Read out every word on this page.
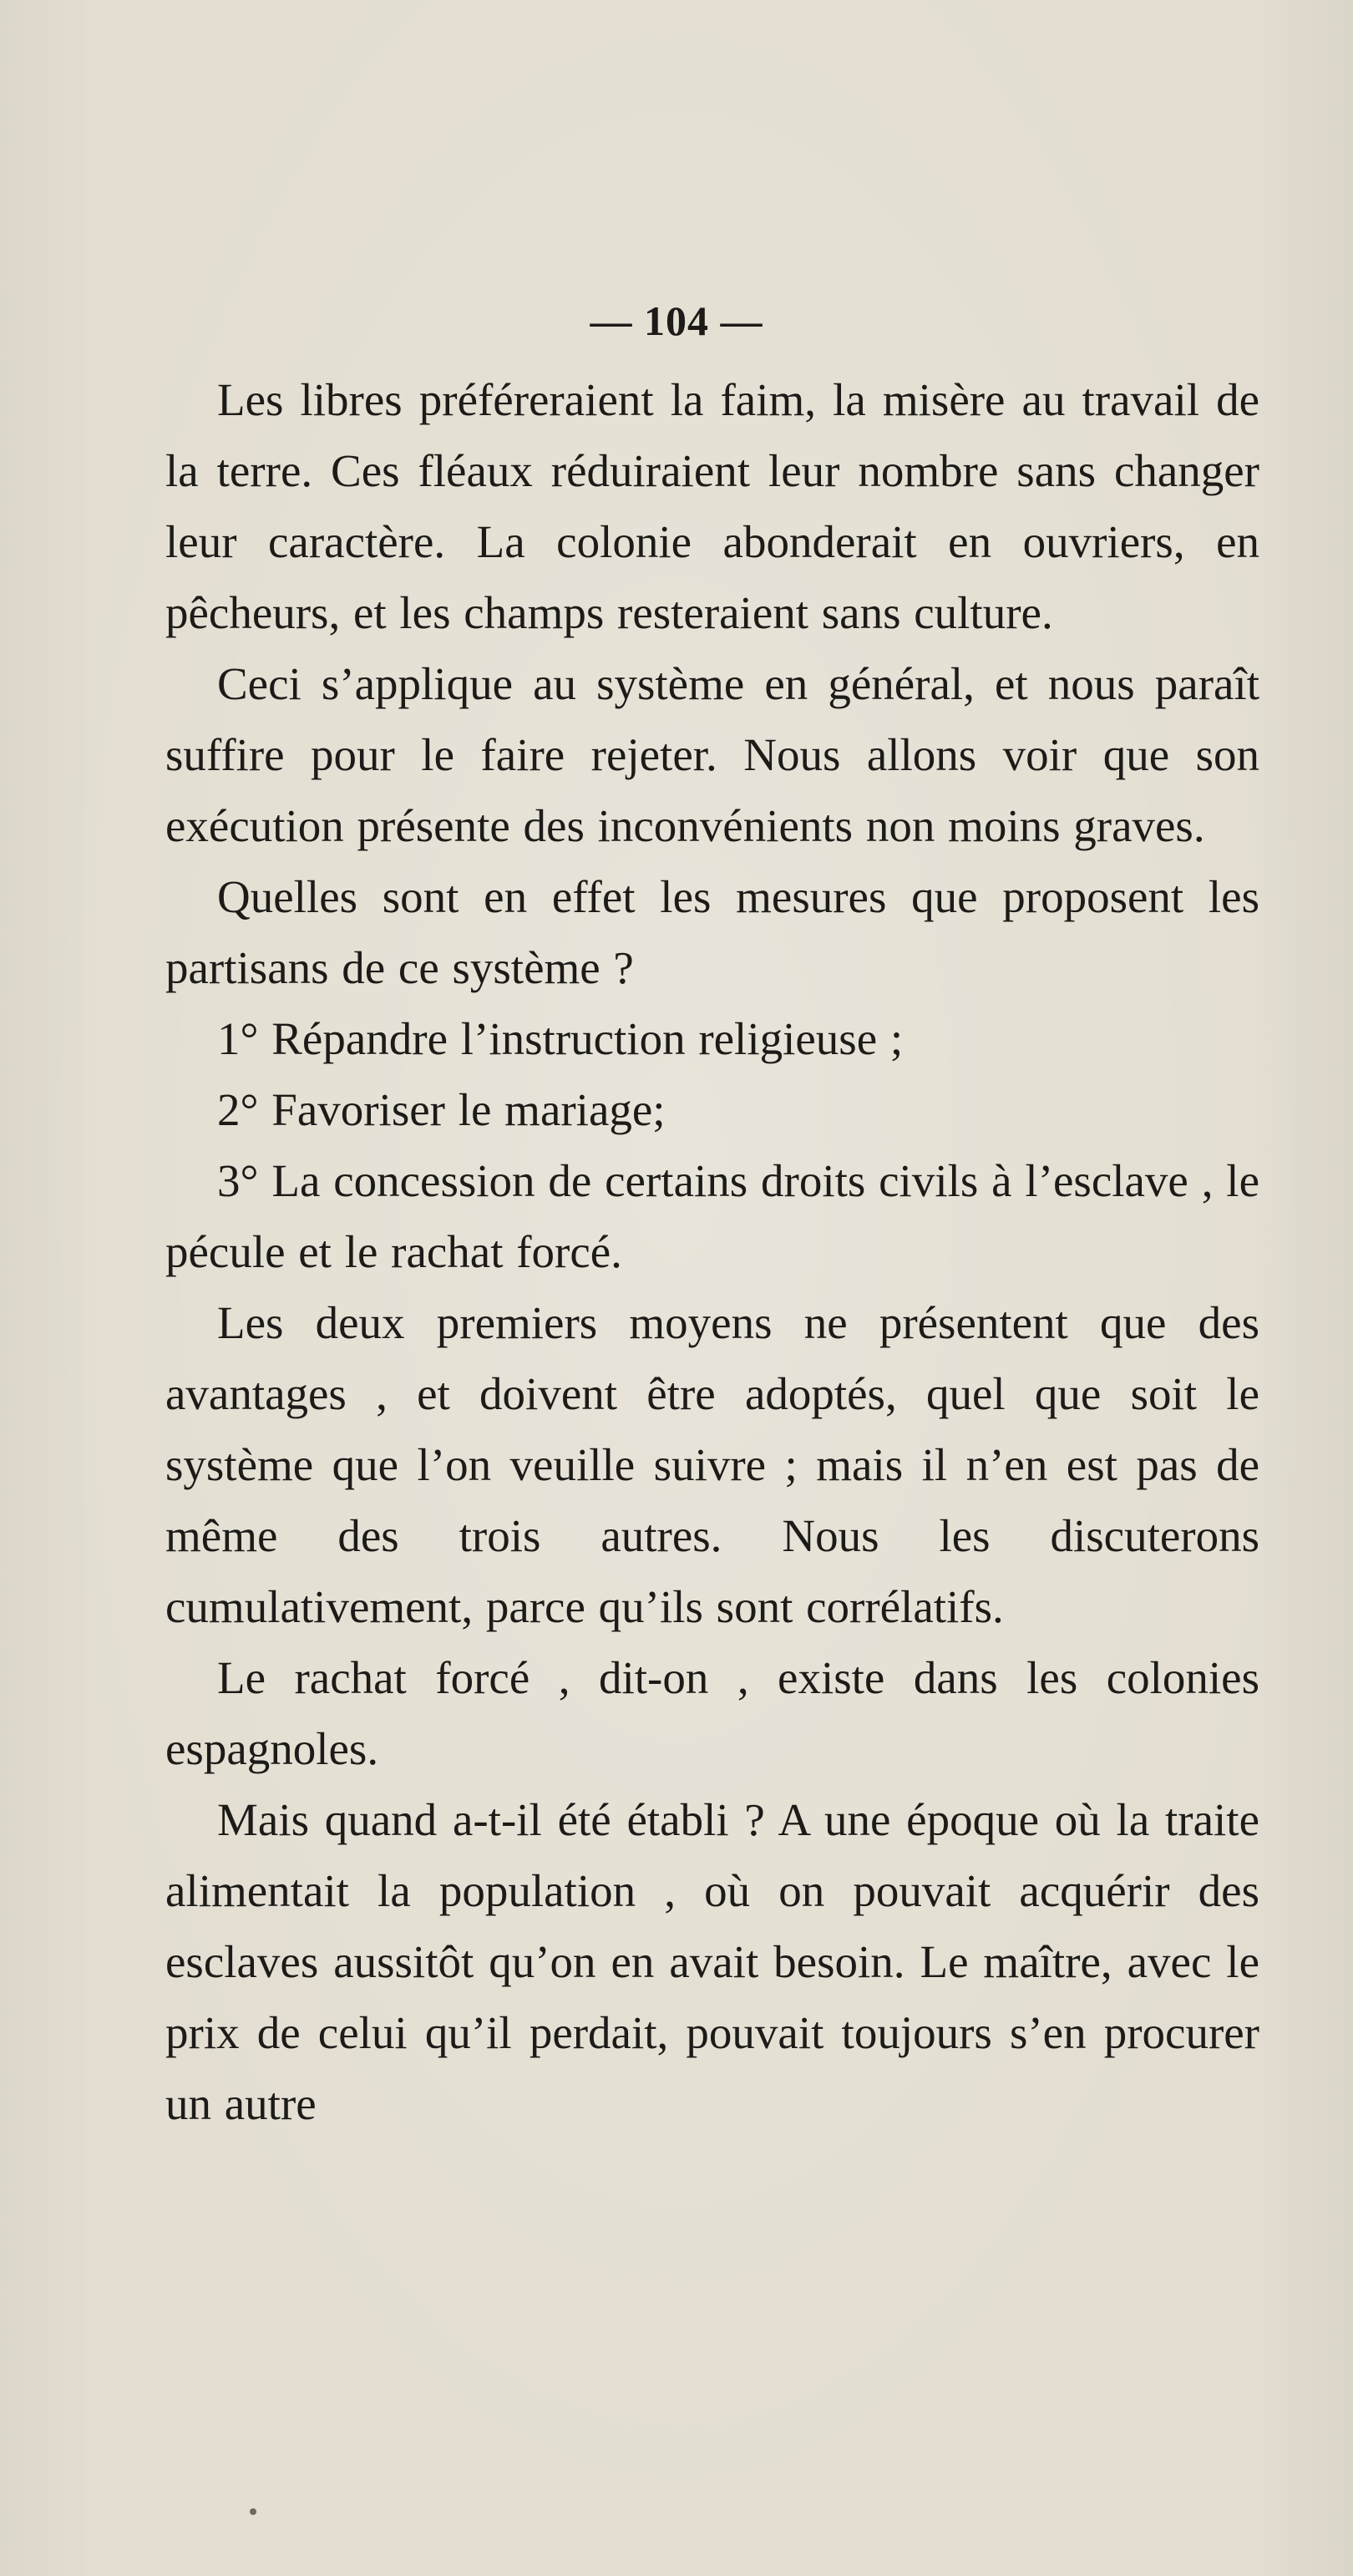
— 104 —

Les libres préféreraient la faim, la misère au travail de la terre. Ces fléaux réduiraient leur nombre sans changer leur caractère. La colonie abonderait en ouvriers, en pêcheurs, et les champs resteraient sans culture.

Ceci s’applique au système en général, et nous paraît suffire pour le faire rejeter. Nous allons voir que son exécution présente des inconvénients non moins graves.

Quelles sont en effet les mesures que proposent les partisans de ce système ?

1° Répandre l’instruction religieuse ;

2° Favoriser le mariage;

3° La concession de certains droits civils à l’esclave , le pécule et le rachat forcé.

Les deux premiers moyens ne présentent que des avantages , et doivent être adoptés, quel que soit le système que l’on veuille suivre ; mais il n’en est pas de même des trois autres. Nous les discuterons cumulativement, parce qu’ils sont corrélatifs.

Le rachat forcé , dit-on , existe dans les colonies espagnoles.

Mais quand a-t-il été établi ? A une époque où la traite alimentait la population , où on pouvait acquérir des esclaves aussitôt qu’on en avait besoin. Le maître, avec le prix de celui qu’il perdait, pouvait toujours s’en procurer un autre
